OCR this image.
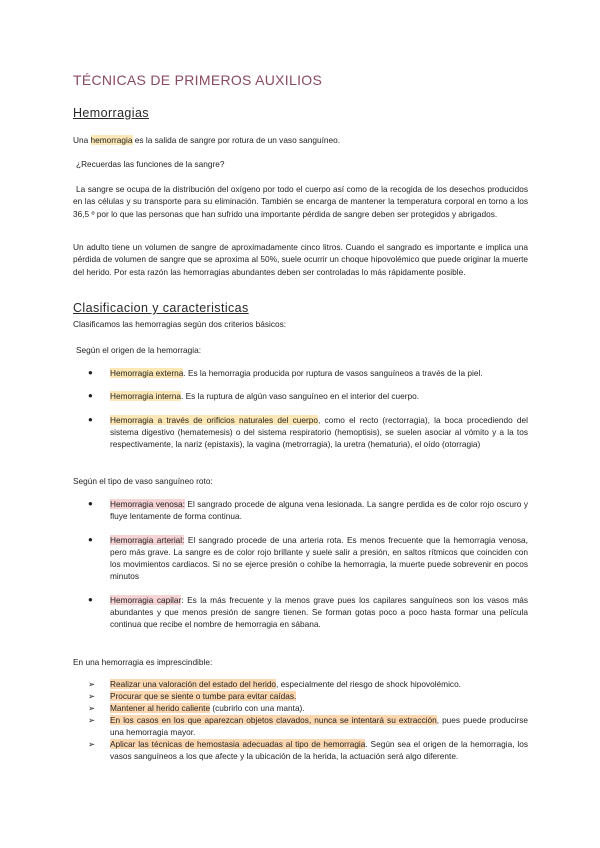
TÉCNICAS DE PRIMEROS AUXILIOS
Hemorragias
Una hemorragia es la salida de sangre por rotura de un vaso sanguíneo.
¿Recuerdas las funciones de la sangre?
La sangre se ocupa de la distribución del oxígeno por todo el cuerpo así como de la recogida de los desechos producidos en las células y su transporte para su eliminación. También se encarga de mantener la temperatura corporal en torno a los 36,5 º por lo que las personas que han sufrido una importante pérdida de sangre deben ser protegidos y abrigados.
Un adulto tiene un volumen de sangre de aproximadamente cinco litros. Cuando el sangrado es importante e implica una pérdida de volumen de sangre que se aproxima al 50%, suele ocurrir un choque hipovolémico que puede originar la muerte del herido. Por esta razón las hemorragias abundantes deben ser controladas lo más rápidamente posible.
Clasificacion y caracteristicas
Clasificamos las hemorragias según dos criterios básicos:
Según el origen de la hemorragia:
● Hemorragia externa. Es la hemorragia producida por ruptura de vasos sanguíneos a través de la piel.
● Hemorragia interna. Es la ruptura de algún vaso sanguíneo en el interior del cuerpo.
● Hemorragia a través de orificios naturales del cuerpo, como el recto (rectorragia), la boca procediendo del sistema digestivo (hematemesis) o del sistema respiratorio (hemoptisis), se suelen asociar al vómito y a la tos respectivamente, la nariz (epistaxis), la vagina (metrorragia), la uretra (hematuria), el oído (otorragia)
Según el tipo de vaso sanguíneo roto:
● Hemorragia venosa: El sangrado procede de alguna vena lesionada. La sangre perdida es de color rojo oscuro y fluye lentamente de forma continua.
● Hemorragia arterial: El sangrado procede de una arteria rota. Es menos frecuente que la hemorragia venosa, pero más grave. La sangre es de color rojo brillante y suele salir a presión, en saltos rítmicos que coinciden con los movimientos cardiacos. Si no se ejerce presión o cohíbe la hemorragia, la muerte puede sobrevenir en pocos minutos
● Hemorragia capilar: Es la más frecuente y la menos grave pues los capilares sanguíneos son los vasos más abundantes y que menos presión de sangre tienen. Se forman gotas poco a poco hasta formar una película continua que recibe el nombre de hemorragia en sábana.
En una hemorragia es imprescindible:
➢ Realizar una valoración del estado del herido, especialmente del riesgo de shock hipovolémico.
➢ Procurar que se siente o tumbe para evitar caídas.
➢ Mantener al herido caliente (cubrirlo con una manta).
➢ En los casos en los que aparezcan objetos clavados, nunca se intentará su extracción, pues puede producirse una hemorragia mayor.
➢ Aplicar las técnicas de hemostasia adecuadas al tipo de hemorragia. Según sea el origen de la hemorragia, los vasos sanguíneos a los que afecte y la ubicación de la herida, la actuación será algo diferente.
